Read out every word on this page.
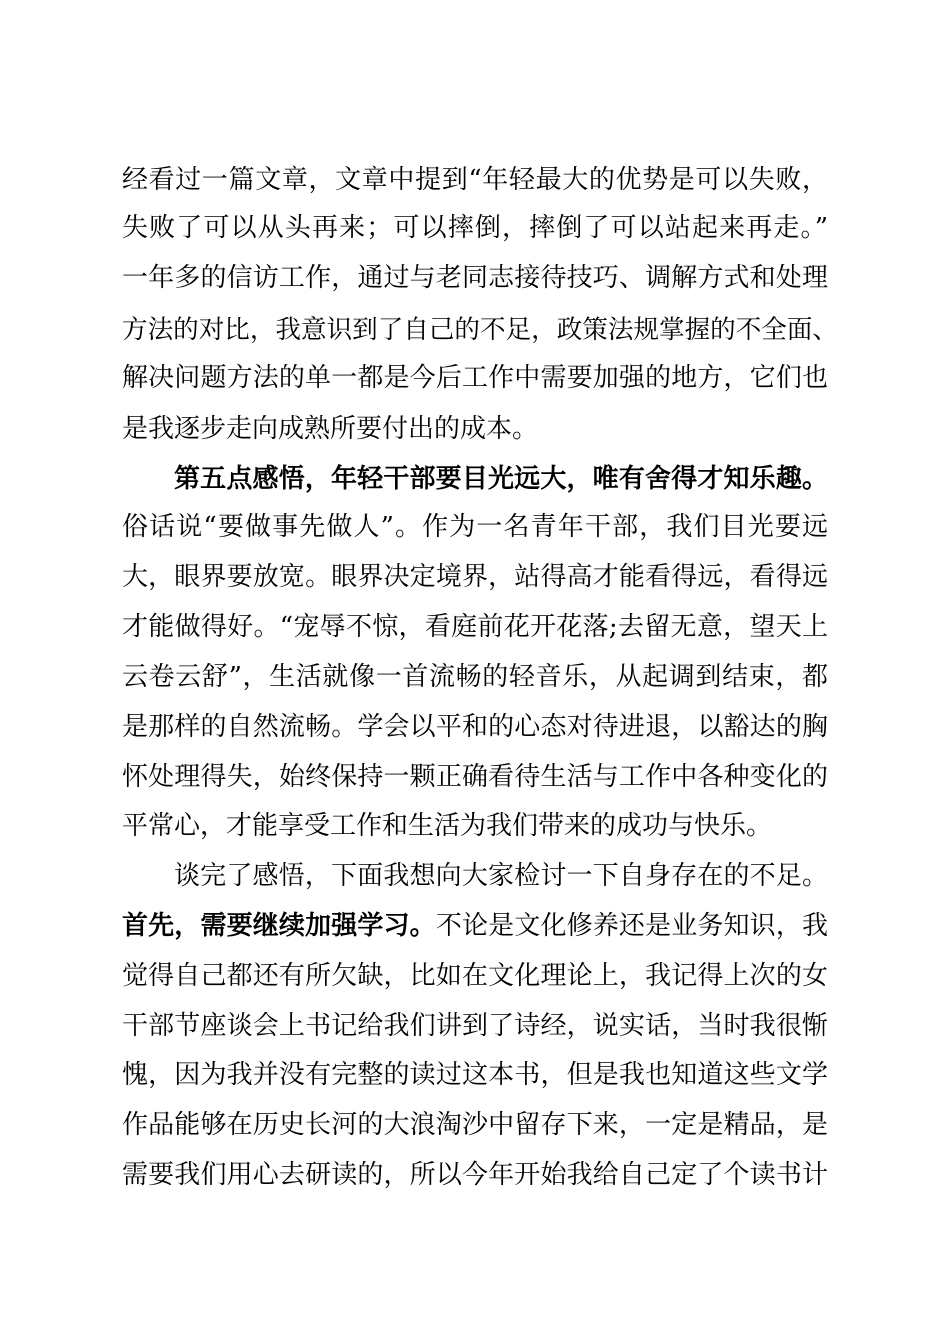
经看过一篇文章，文章中提到“年轻最大的优势是可以失败，
失败了可以从头再来；可以摔倒，摔倒了可以站起来再走。”
一年多的信访工作，通过与老同志接待技巧、调解方式和处理
方法的对比，我意识到了自己的不足，政策法规掌握的不全面、
解决问题方法的单一都是今后工作中需要加强的地方，它们也
是我逐步走向成熟所要付出的成本。
第五点感悟，年轻干部要目光远大，唯有舍得才知乐趣。
俗话说“要做事先做人”。作为一名青年干部，我们目光要远
大，眼界要放宽。眼界决定境界，站得高才能看得远，看得远
才能做得好。“宠辱不惊，看庭前花开花落;去留无意，望天上
云卷云舒”，生活就像一首流畅的轻音乐，从起调到结束，都
是那样的自然流畅。学会以平和的心态对待进退，以豁达的胸
怀处理得失，始终保持一颗正确看待生活与工作中各种变化的
平常心，才能享受工作和生活为我们带来的成功与快乐。
谈完了感悟，下面我想向大家检讨一下自身存在的不足。
首先，需要继续加强学习。不论是文化修养还是业务知识，我
觉得自己都还有所欠缺，比如在文化理论上，我记得上次的女
干部节座谈会上书记给我们讲到了诗经，说实话，当时我很惭
愧，因为我并没有完整的读过这本书，但是我也知道这些文学
作品能够在历史长河的大浪淘沙中留存下来，一定是精品，是
需要我们用心去研读的，所以今年开始我给自己定了个读书计
